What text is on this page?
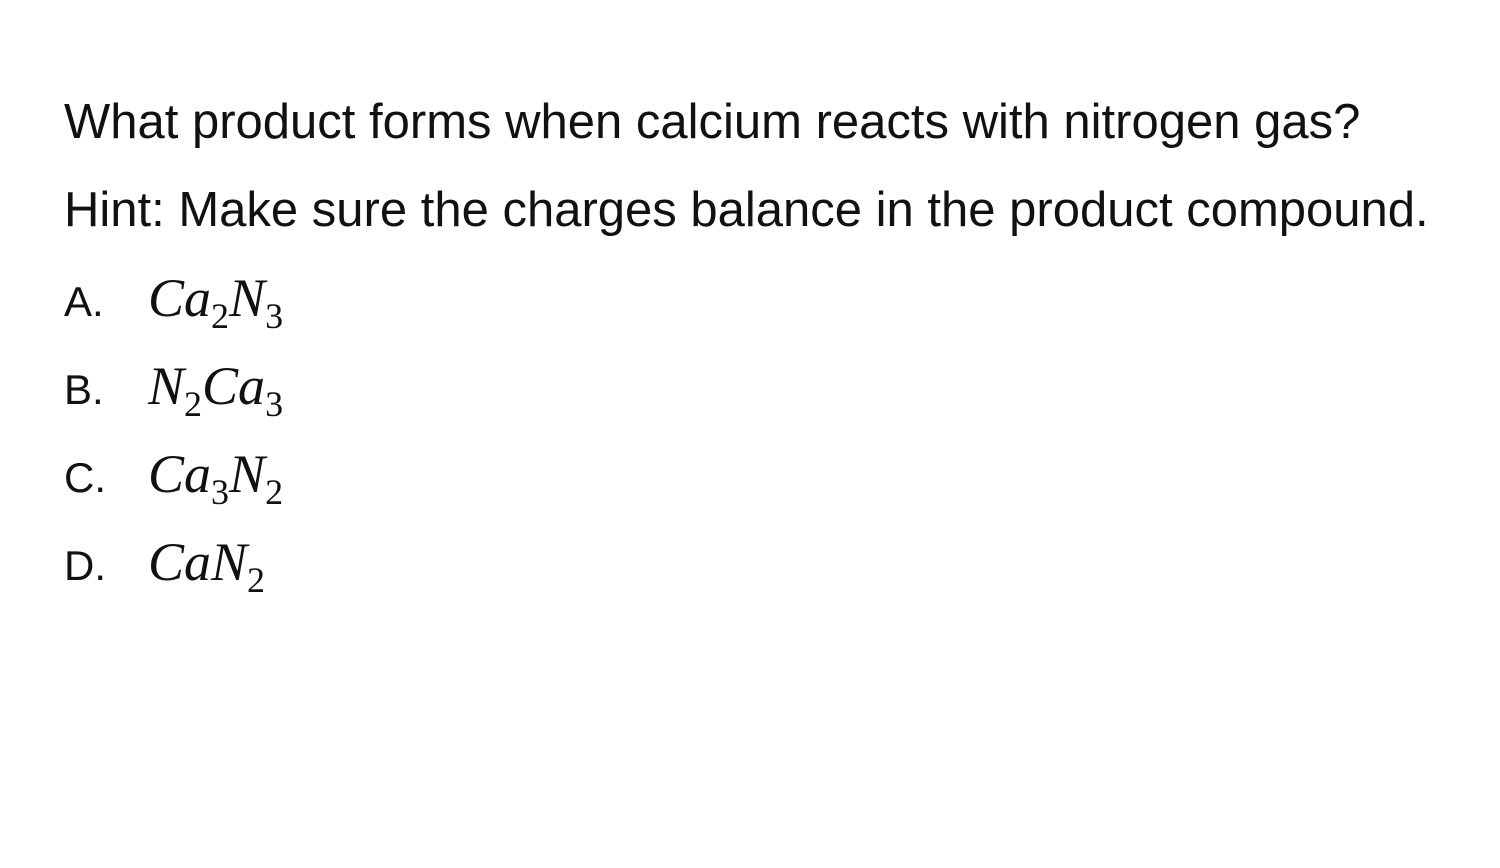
What product forms when calcium reacts with nitrogen gas?

Hint: Make sure the charges balance in the product compound.

A. $Ca_2N_3$
B. $N_2Ca_3$
C. $Ca_3N_2$
D. CaN$_2$
